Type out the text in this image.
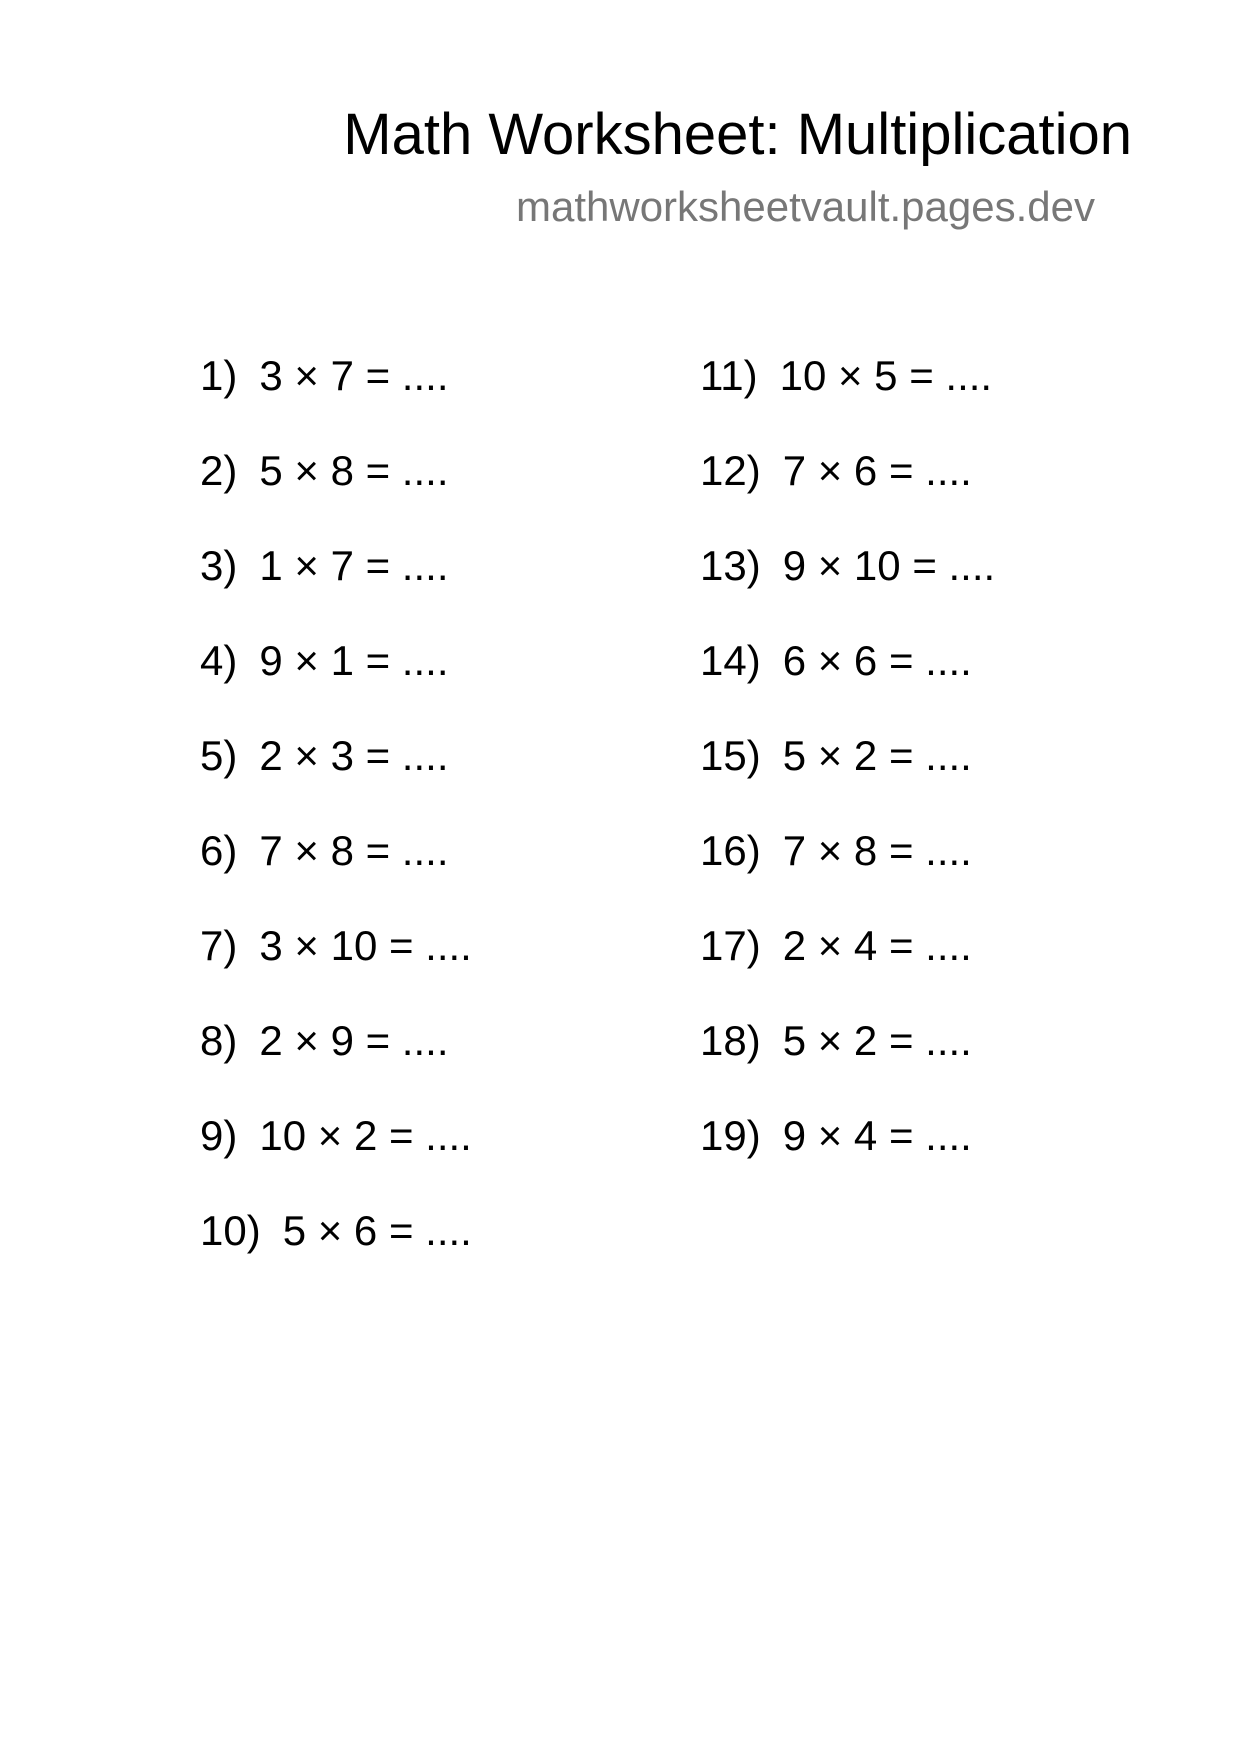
Math Worksheet: Multiplication
mathworksheetvault.pages.dev
1) 3 × 7 = ....
2) 5 × 8 = ....
3) 1 × 7 = ....
4) 9 × 1 = ....
5) 2 × 3 = ....
6) 7 × 8 = ....
7) 3 × 10 = ....
8) 2 × 9 = ....
9) 10 × 2 = ....
10) 5 × 6 = ....
11) 10 × 5 = ....
12) 7 × 6 = ....
13) 9 × 10 = ....
14) 6 × 6 = ....
15) 5 × 2 = ....
16) 7 × 8 = ....
17) 2 × 4 = ....
18) 5 × 2 = ....
19) 9 × 4 = ....
